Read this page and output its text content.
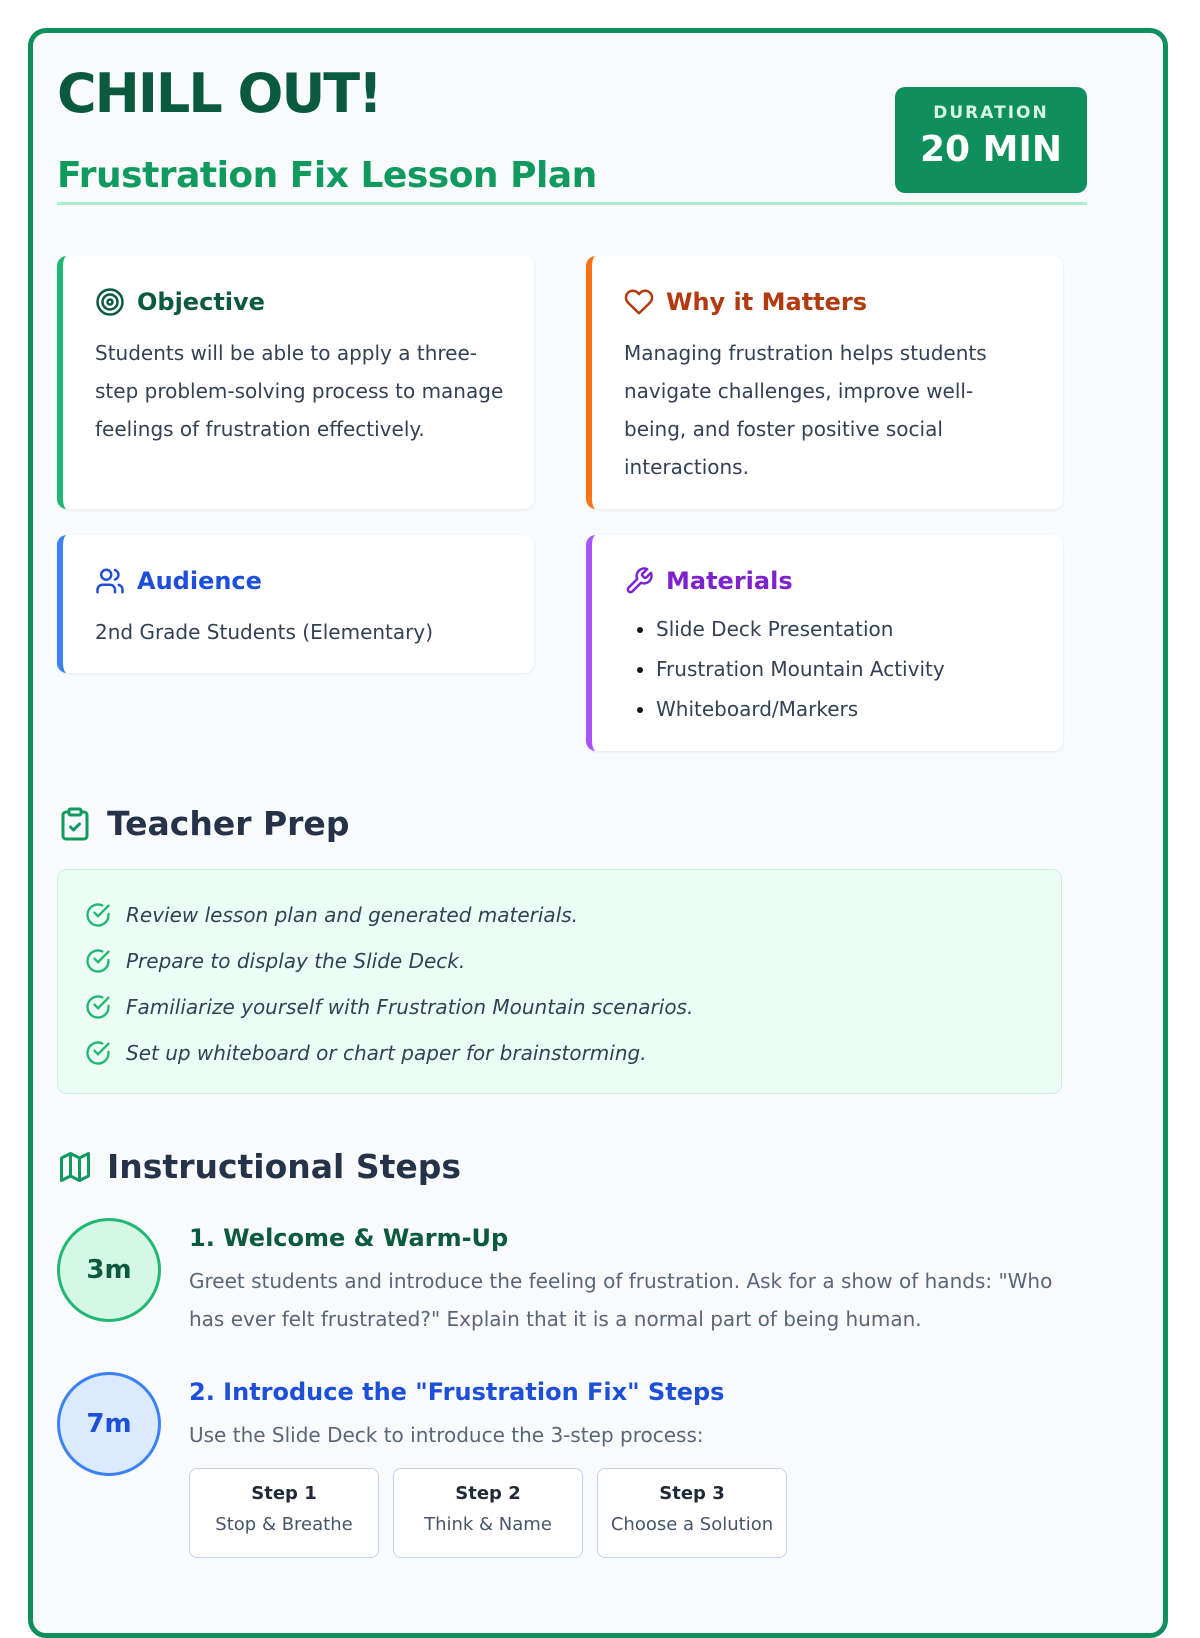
CHILL OUT!
Frustration Fix Lesson Plan
DURATION
20 MIN
Objective

Students will be able to apply a three-step problem-solving process to manage feelings of frustration effectively.

Why it Matters

Managing frustration helps students navigate challenges, improve well-being, and foster positive social interactions.

Audience

2nd Grade Students (Elementary)

Materials
• Slide Deck Presentation
• Frustration Mountain Activity
• Whiteboard/Markers
Teacher Prep
Review lesson plan and generated materials.
Prepare to display the Slide Deck.
Familiarize yourself with Frustration Mountain scenarios.
Set up whiteboard or chart paper for brainstorming.
Instructional Steps
3m
1. Welcome & Warm-Up

Greet students and introduce the feeling of frustration. Ask for a show of hands: "Who has ever felt frustrated?" Explain that it is a normal part of being human.

7m
2. Introduce the "Frustration Fix" Steps

Use the Slide Deck to introduce the 3-step process:

Step 1
Stop & Breathe
Step 2
Think & Name
Step 3
Choose a Solution
